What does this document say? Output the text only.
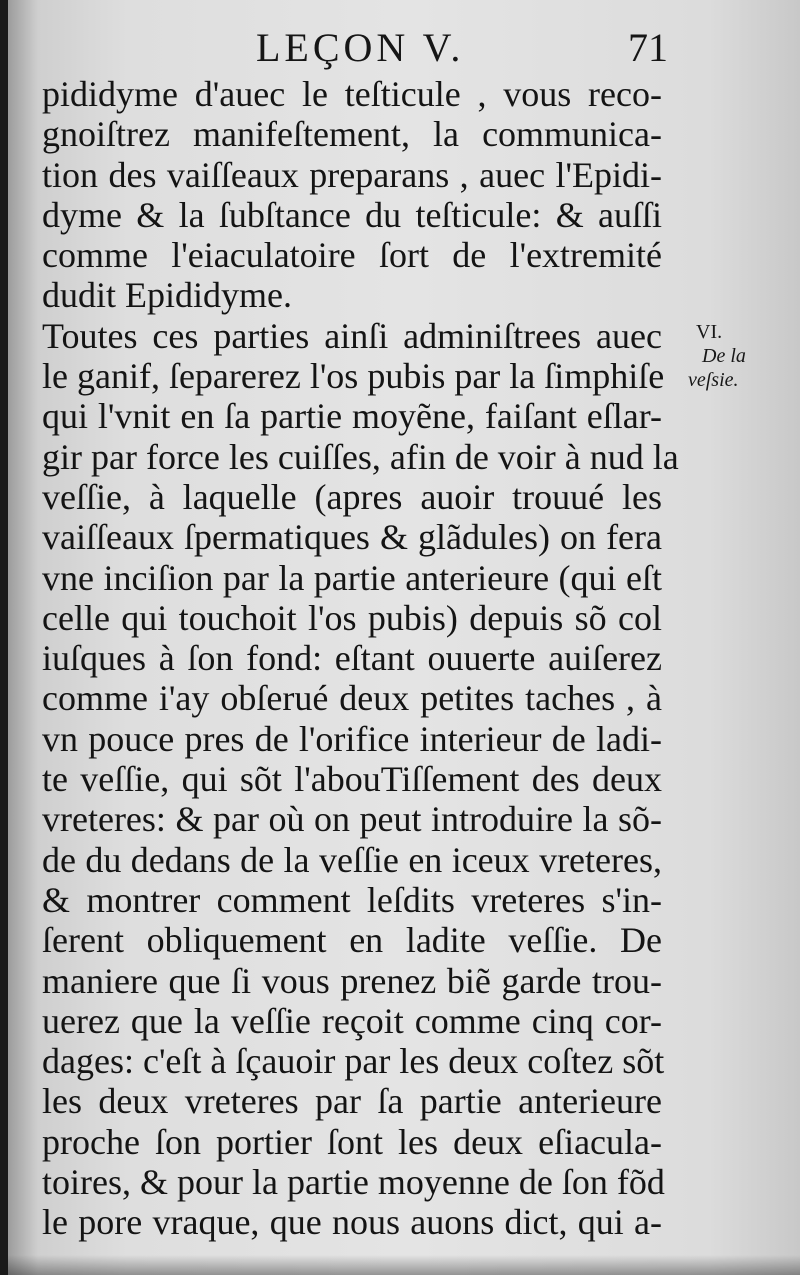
LEÇON V.	71
pididyme d'auec le teſticule , vous reco-
gnoiſtrez manifeſtement, la communica-
tion des vaiſſeaux preparans , auec l'Epidi-
dyme & la ſubſtance du teſticule: & auſſi
comme l'eiaculatoire ſort de l'extremité
dudit Epididyme.
Toutes ces parties ainſi adminiſtrees auec
le ganif, ſeparerez l'os pubis par la ſimphiſe
qui l'vnit en ſa partie moyẽne, faiſant eſlar-
gir par force les cuiſſes, afin de voir à nud la
veſſie, à laquelle (apres auoir trouué les
vaiſſeaux ſpermatiques & glãdules) on fera
vne inciſion par la partie anterieure (qui eſt
celle qui touchoit l'os pubis) depuis sõ col
iuſques à ſon fond: eſtant ouuerte auiſerez
comme i'ay obſerué deux petites taches , à
vn pouce pres de l'orifice interieur de ladi-
te veſſie, qui sõt l'abouTiſſement des deux
vreteres: & par où on peut introduire la sõ-
de du dedans de la veſſie en iceux vreteres,
& montrer comment leſdits vreteres s'in-
ſerent obliquement en ladite veſſie. De
maniere que ſi vous prenez biẽ garde trou-
uerez que la veſſie reçoit comme cinq cor-
dages: c'eſt à ſçauoir par les deux coſtez sõt
les deux vreteres par ſa partie anterieure
proche ſon portier ſont les deux eſiacula-
toires, & pour la partie moyenne de ſon fõd
le pore vraque, que nous auons dict, qui a-
VI.
De la
veſsie.
